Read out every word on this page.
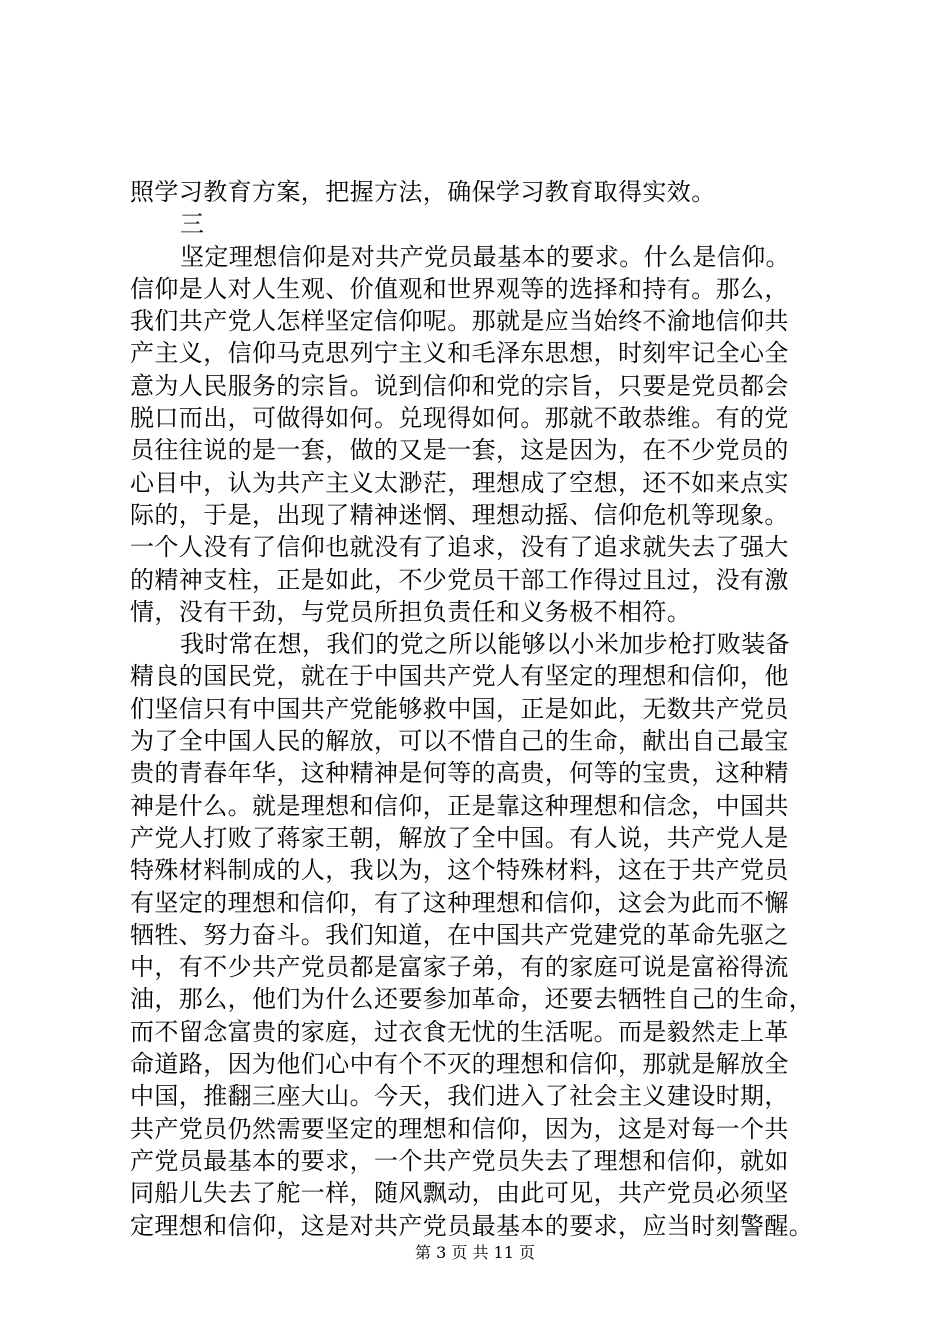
照学习教育方案，把握方法，确保学习教育取得实效。
三
坚定理想信仰是对共产党员最基本的要求。什么是信仰。
信仰是人对人生观、价值观和世界观等的选择和持有。那么，
我们共产党人怎样坚定信仰呢。那就是应当始终不渝地信仰共
产主义，信仰马克思列宁主义和毛泽东思想，时刻牢记全心全
意为人民服务的宗旨。说到信仰和党的宗旨，只要是党员都会
脱口而出，可做得如何。兑现得如何。那就不敢恭维。有的党
员往往说的是一套，做的又是一套，这是因为，在不少党员的
心目中，认为共产主义太渺茫，理想成了空想，还不如来点实
际的，于是，出现了精神迷惘、理想动摇、信仰危机等现象。
一个人没有了信仰也就没有了追求，没有了追求就失去了强大
的精神支柱，正是如此，不少党员干部工作得过且过，没有激
情，没有干劲，与党员所担负责任和义务极不相符。
我时常在想，我们的党之所以能够以小米加步枪打败装备
精良的国民党，就在于中国共产党人有坚定的理想和信仰，他
们坚信只有中国共产党能够救中国，正是如此，无数共产党员
为了全中国人民的解放，可以不惜自己的生命，献出自己最宝
贵的青春年华，这种精神是何等的高贵，何等的宝贵，这种精
神是什么。就是理想和信仰，正是靠这种理想和信念，中国共
产党人打败了蒋家王朝，解放了全中国。有人说，共产党人是
特殊材料制成的人，我以为，这个特殊材料，这在于共产党员
有坚定的理想和信仰，有了这种理想和信仰，这会为此而不懈
牺牲、努力奋斗。我们知道，在中国共产党建党的革命先驱之
中，有不少共产党员都是富家子弟，有的家庭可说是富裕得流
油，那么，他们为什么还要参加革命，还要去牺牲自己的生命，
而不留念富贵的家庭，过衣食无忧的生活呢。而是毅然走上革
命道路，因为他们心中有个不灭的理想和信仰，那就是解放全
中国，推翻三座大山。今天，我们进入了社会主义建设时期，
共产党员仍然需要坚定的理想和信仰，因为，这是对每一个共
产党员最基本的要求，一个共产党员失去了理想和信仰，就如
同船儿失去了舵一样，随风飘动，由此可见，共产党员必须坚
定理想和信仰，这是对共产党员最基本的要求，应当时刻警醒。
第 3 页 共 11 页
